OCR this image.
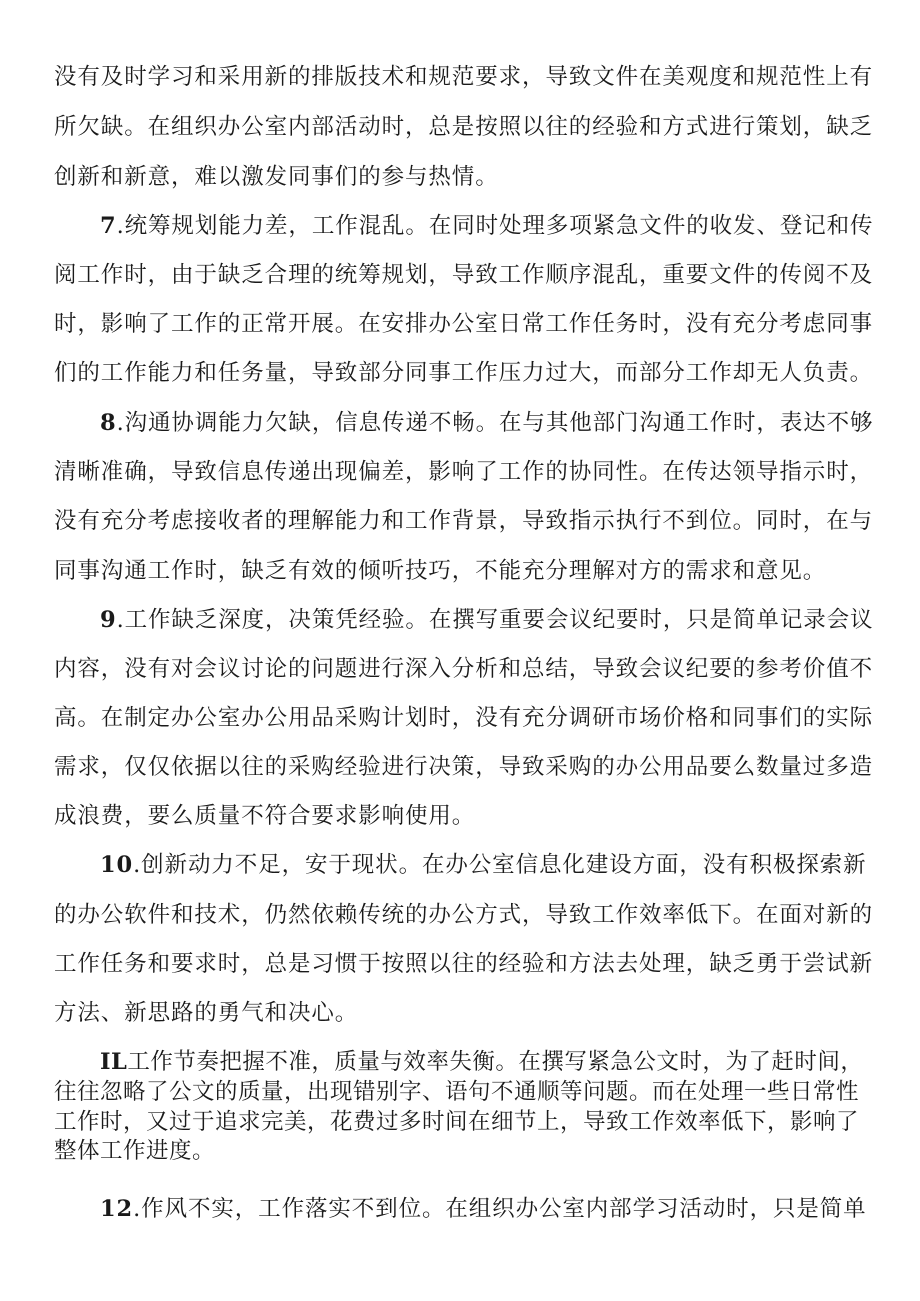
没有及时学习和采用新的排版技术和规范要求，导致文件在美观度和规范性上有
所欠缺。在组织办公室内部活动时，总是按照以往的经验和方式进行策划，缺乏
创新和新意，难以激发同事们的参与热情。
7.统筹规划能力差，工作混乱。在同时处理多项紧急文件的收发、登记和传
阅工作时，由于缺乏合理的统筹规划，导致工作顺序混乱，重要文件的传阅不及
时，影响了工作的正常开展。在安排办公室日常工作任务时，没有充分考虑同事
们的工作能力和任务量，导致部分同事工作压力过大，而部分工作却无人负责。
8.沟通协调能力欠缺，信息传递不畅。在与其他部门沟通工作时，表达不够
清晰准确，导致信息传递出现偏差，影响了工作的协同性。在传达领导指示时，
没有充分考虑接收者的理解能力和工作背景，导致指示执行不到位。同时，在与
同事沟通工作时，缺乏有效的倾听技巧，不能充分理解对方的需求和意见。
9.工作缺乏深度，决策凭经验。在撰写重要会议纪要时，只是简单记录会议
内容，没有对会议讨论的问题进行深入分析和总结，导致会议纪要的参考价值不
高。在制定办公室办公用品采购计划时，没有充分调研市场价格和同事们的实际
需求，仅仅依据以往的采购经验进行决策，导致采购的办公用品要么数量过多造
成浪费，要么质量不符合要求影响使用。
10.创新动力不足，安于现状。在办公室信息化建设方面，没有积极探索新
的办公软件和技术，仍然依赖传统的办公方式，导致工作效率低下。在面对新的
工作任务和要求时，总是习惯于按照以往的经验和方法去处理，缺乏勇于尝试新
方法、新思路的勇气和决心。
IL工作节奏把握不准，质量与效率失衡。在撰写紧急公文时，为了赶时间，
往往忽略了公文的质量，出现错别字、语句不通顺等问题。而在处理一些日常性
工作时，又过于追求完美，花费过多时间在细节上，导致工作效率低下，影响了
整体工作进度。
12.作风不实，工作落实不到位。在组织办公室内部学习活动时，只是简单
